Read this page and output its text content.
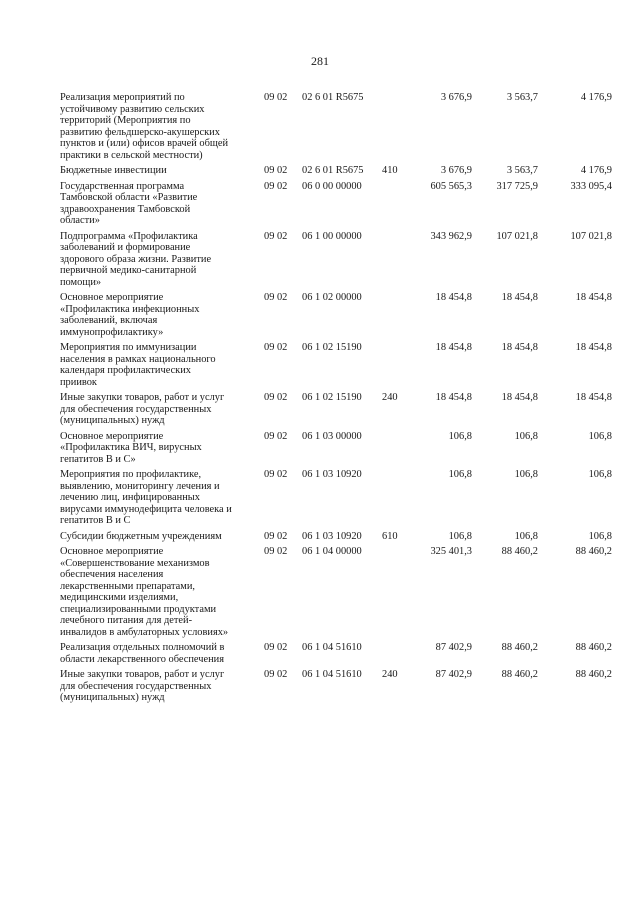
281
Реализация мероприятий по
устойчивому развитию сельских
территорий (Мероприятия по
развитию фельдшерско-акушерских
пунктов и (или) офисов врачей общей
практики в сельской местности)
09 02 02 6 01 R5675	3 676,9	3 563,7	4 176,9
Бюджетные инвестиции	09 02 02 6 01 R5675 410	3 676,9	3 563,7	4 176,9
Государственная программа
Тамбовской области «Развитие
здравоохранения Тамбовской
области»
09 02 06 0 00 00000	605 565,3	317 725,9	333 095,4
Подпрограмма «Профилактика
заболеваний и формирование
здорового образа жизни. Развитие
первичной медико-санитарной
помощи»
09 02 06 1 00 00000	343 962,9	107 021,8	107 021,8
Основное мероприятие
«Профилактика инфекционных
заболеваний, включая
иммунопрофилактику»
09 02 06 1 02 00000	18 454,8	18 454,8	18 454,8
Мероприятия по иммунизации
населения в рамках национального
календаря профилактических
приивок
09 02 06 1 02 15190	18 454,8	18 454,8	18 454,8
Иные закупки товаров, работ и услуг
для обеспечения государственных
(муниципальных) нужд
09 02 06 1 02 15190 240	18 454,8	18 454,8	18 454,8
Основное мероприятие
«Профилактика ВИЧ, вирусных
гепатитов В и С»
09 02 06 1 03 00000	106,8	106,8	106,8
Мероприятия по профилактике,
выявлению, мониторингу лечения и
лечению лиц, инфицированных
вирусами иммунодефицита человека и
гепатитов В и С
09 02 06 1 03 10920	106,8	106,8	106,8
Субсидии бюджетным учреждениям	09 02 06 1 03 10920 610	106,8	106,8	106,8
Основное мероприятие
«Совершенствование механизмов
обеспечения населения
лекарственными препаратами,
медицинскими изделиями,
специализированными продуктами
лечебного питания для детей-
инвалидов в амбулаторных условиях»
09 02 06 1 04 00000	325 401,3	88 460,2	88 460,2
Реализация отдельных полномочий в
области лекарственного обеспечения
09 02 06 1 04 51610	87 402,9	88 460,2	88 460,2
Иные закупки товаров, работ и услуг
для обеспечения государственных
(муниципальных) нужд
09 02 06 1 04 51610 240	87 402,9	88 460,2	88 460,2
